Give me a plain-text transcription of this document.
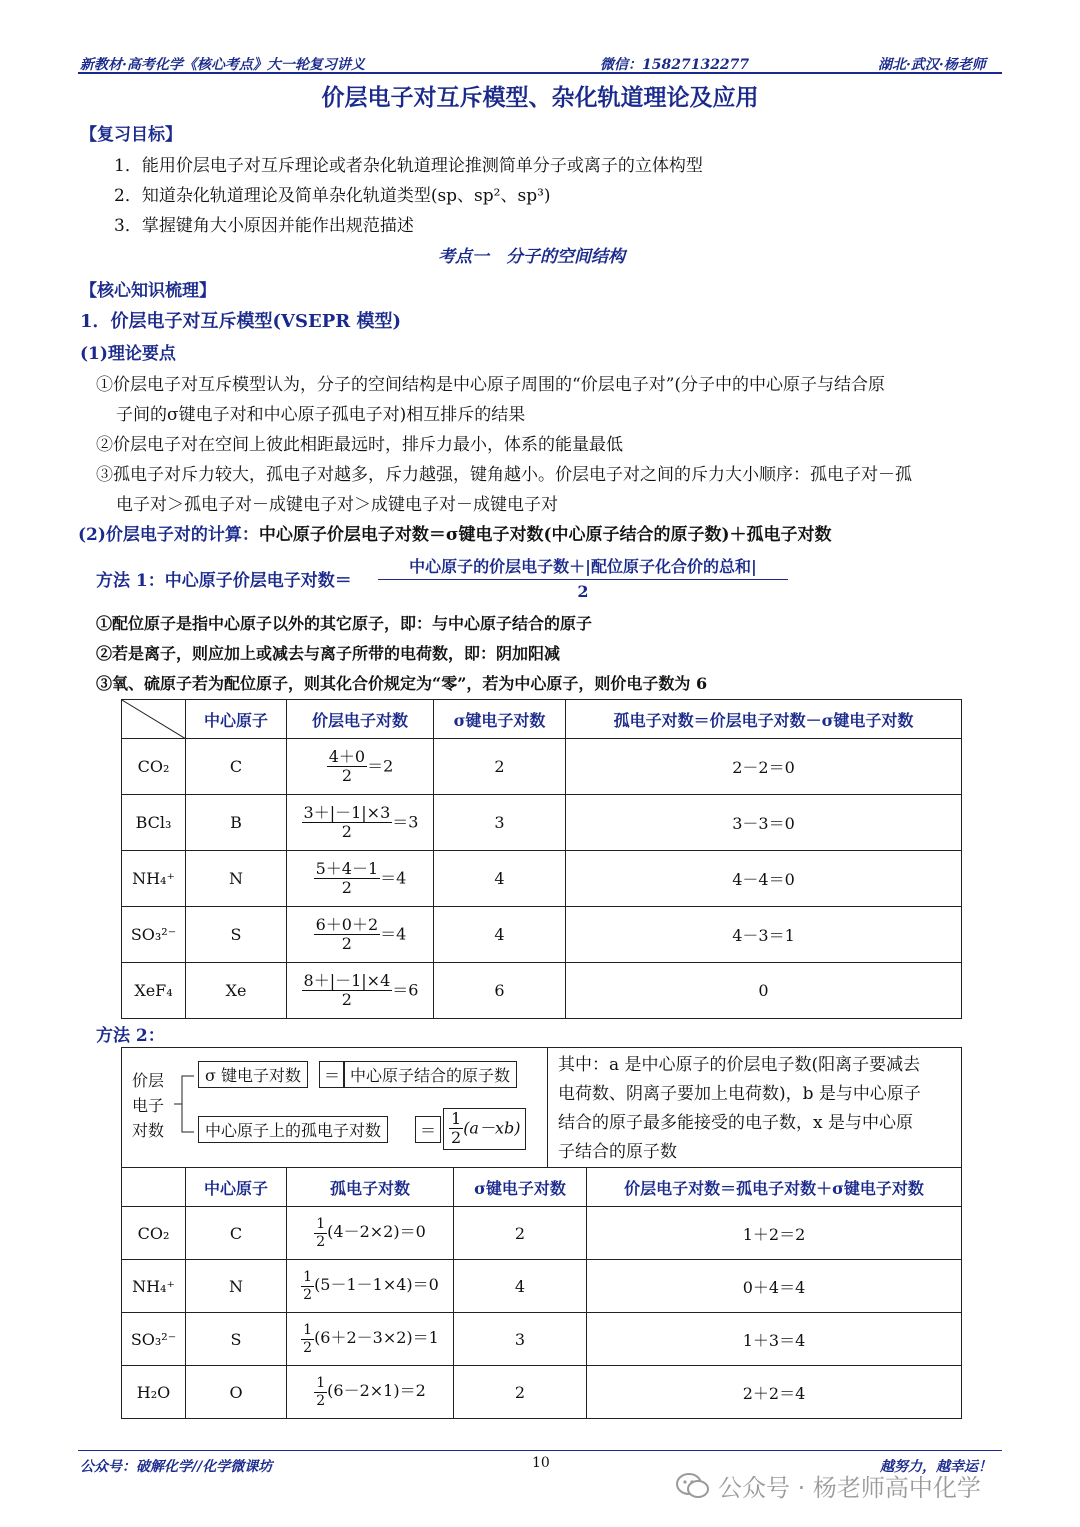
新教材·高考化学《核心考点》大一轮复习讲义	微信：15827132277	湖北·武汉·杨老师
价层电子对互斥模型、杂化轨道理论及应用
【复习目标】
1．能用价层电子对互斥理论或者杂化轨道理论推测简单分子或离子的立体构型
2．知道杂化轨道理论及简单杂化轨道类型(sp、sp²、sp³)
3．掌握键角大小原因并能作出规范描述
考点一　分子的空间结构
【核心知识梳理】
1．价层电子对互斥模型(VSEPR 模型)
(1)理论要点
①价层电子对互斥模型认为，分子的空间结构是中心原子周围的“价层电子对”(分子中的中心原子与结合原
子间的σ键电子对和中心原子孤电子对)相互排斥的结果
②价层电子对在空间上彼此相距最远时，排斥力最小，体系的能量最低
③孤电子对斥力较大，孤电子对越多，斥力越强，键角越小。价层电子对之间的斥力大小顺序：孤电子对－孤
电子对＞孤电子对－成键电子对＞成键电子对－成键电子对
(2)价层电子对的计算：中心原子价层电子对数＝σ键电子对数(中心原子结合的原子数)＋孤电子对数
方法 1：中心原子价层电子对数＝
中心原子的价层电子数＋|配位原子化合价的总和|
2
①配位原子是指中心原子以外的其它原子，即：与中心原子结合的原子
②若是离子，则应加上或减去与离子所带的电荷数，即：阴加阳减
③氧、硫原子若为配位原子，则其化合价规定为“零”，若为中心原子，则价电子数为 6
	中心原子	价层电子对数	σ键电子对数	孤电子对数＝价层电子对数－σ键电子对数
CO₂	C	$\frac{4+0}{2} =2$	2	2－2＝0
BCl₃	B	$\frac{3+|-1|\times 3}{2} =3$	3	3－3＝0
NH₄⁺	N	$\frac{5+4-1}{2} =4$	4	4－4＝0
SO₃²⁻	S	$\frac{6+0+2}{2} =4$	4	4－3＝1
XeF₄	Xe	$\frac{8+|-1|\times 4}{2} =6$	6	0
方法 2：
价层电子对数
σ 键电子对数	＝ 中心原子结合的原子数
中心原子上的孤电子对数	＝ $\frac{1}{2} (a-xb)$
其中：a 是中心原子的价层电子数(阳离子要减去
电荷数、阴离子要加上电荷数)，b 是与中心原子
结合的原子最多能接受的电子数，x 是与中心原
子结合的原子数
	中心原子	孤电子对数	σ键电子对数	价层电子对数＝孤电子对数＋σ键电子对数
CO₂	C	$\frac{1}{2} (4-2\times 2)=0$	2	1＋2＝2
NH₄⁺	N	$\frac{1}{2} (5-1-1\times 4)=0$	4	0＋4＝4
SO₃²⁻	S	$\frac{1}{2} (6+2-3\times 2)=1$	3	1＋3＝4
H₂O	O	$\frac{1}{2} (6-2\times 1)=2$	2	2＋2＝4
公众号：破解化学//化学微课坊	10	越努力，越幸运！
公众号 · 杨老师高中化学
